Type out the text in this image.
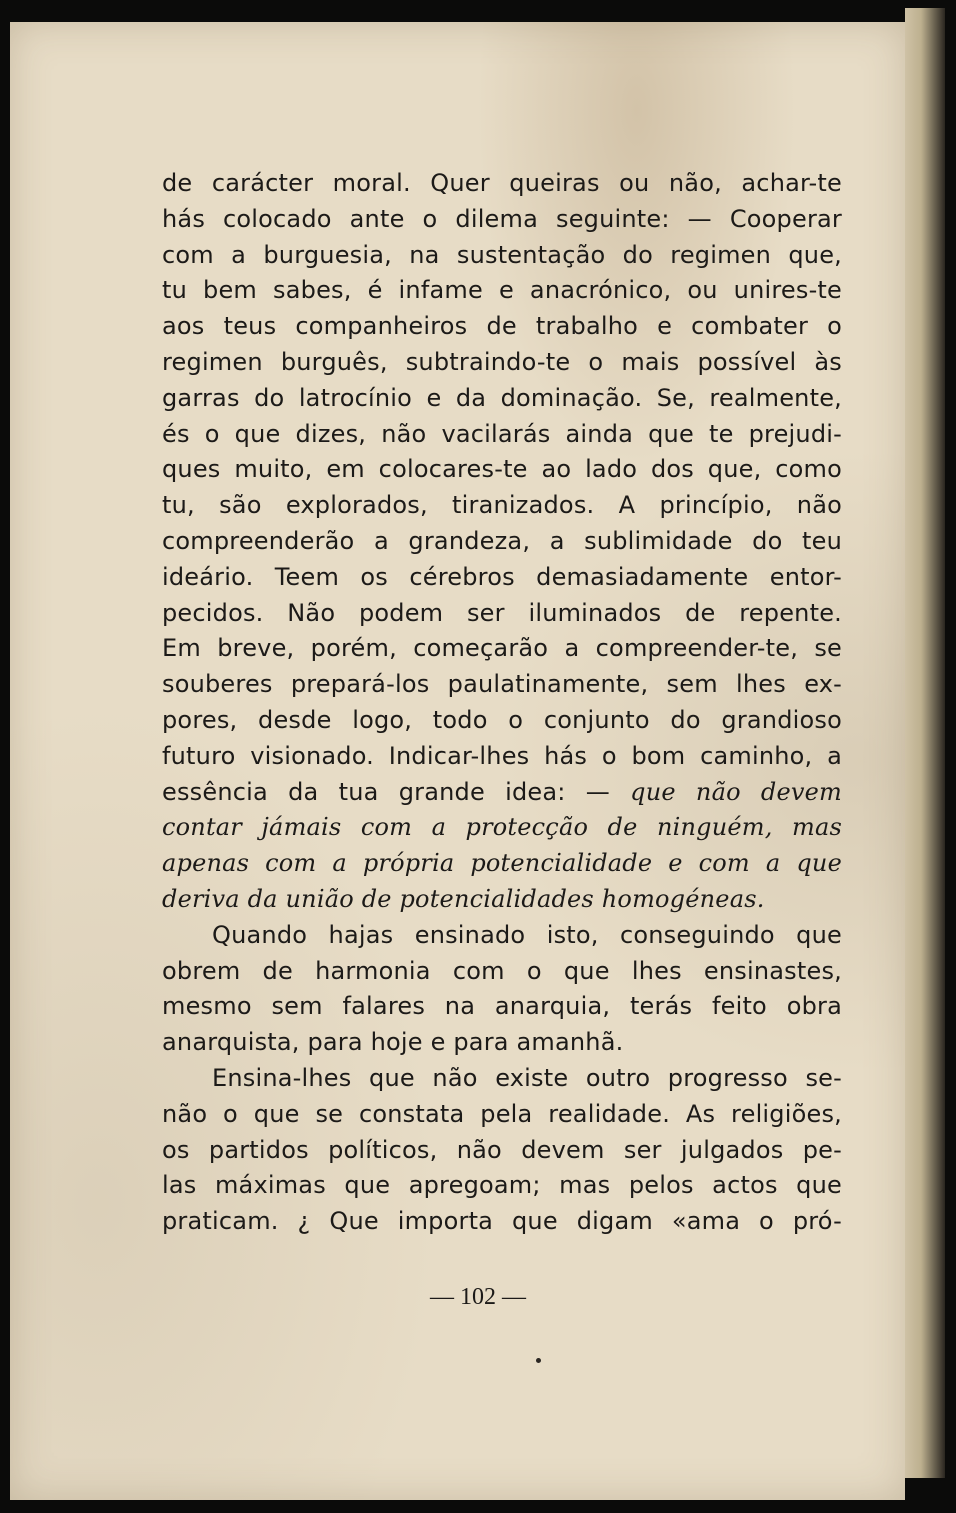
de carácter moral. Quer queiras ou não, achar-te
hás colocado ante o dilema seguinte: — Cooperar
com a burguesia, na sustentação do regimen que,
tu bem sabes, é infame e anacrónico, ou unires-te
aos teus companheiros de trabalho e combater o
regimen burguês, subtraindo-te o mais possível às
garras do latrocínio e da dominação. Se, realmente,
és o que dizes, não vacilarás ainda que te prejudi-
ques muito, em colocares-te ao lado dos que, como
tu, são explorados, tiranizados. A princípio, não
compreenderão a grandeza, a sublimidade do teu
ideário. Teem os cérebros demasiadamente entor-
pecidos. Não podem ser iluminados de repente.
Em breve, porém, começarão a compreender-te, se
souberes prepará-los paulatinamente, sem lhes ex-
pores, desde logo, todo o conjunto do grandioso
futuro visionado. Indicar-lhes hás o bom caminho, a
essência da tua grande idea: — que não devem
contar jámais com a protecção de ninguém, mas
apenas com a própria potencialidade e com a que
deriva da união de potencialidades homogéneas.
Quando hajas ensinado isto, conseguindo que
obrem de harmonia com o que lhes ensinastes,
mesmo sem falares na anarquia, terás feito obra
anarquista, para hoje e para amanhã.
Ensina-lhes que não existe outro progresso se-
não o que se constata pela realidade. As religiões,
os partidos políticos, não devem ser julgados pe-
las máximas que apregoam; mas pelos actos que
praticam. ¿ Que importa que digam «ama o pró-
— 102 —
